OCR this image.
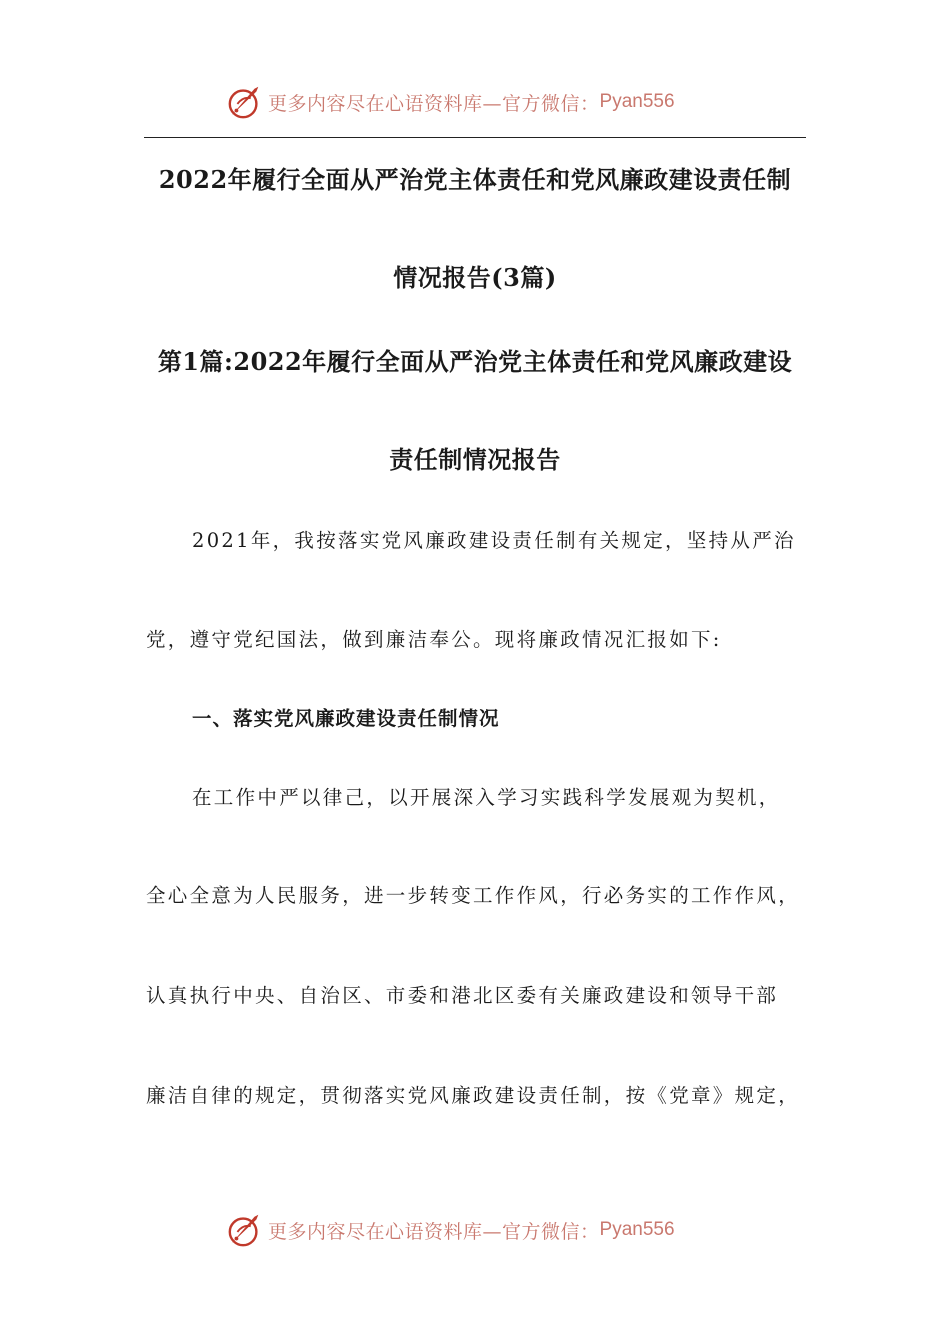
更多内容尽在心语资料库—官方微信： Pyan556
2022年履行全面从严治党主体责任和党风廉政建设责任制
情况报告(3篇)
第1篇:2022年履行全面从严治党主体责任和党风廉政建设
责任制情况报告
2021年，我按落实党风廉政建设责任制有关规定，坚持从严治
党，遵守党纪国法，做到廉洁奉公。现将廉政情况汇报如下:
一、落实党风廉政建设责任制情况
在工作中严以律己，以开展深入学习实践科学发展观为契机，
全心全意为人民服务，进一步转变工作作风，行必务实的工作作风，
认真执行中央、自治区、市委和港北区委有关廉政建设和领导干部
廉洁自律的规定，贯彻落实党风廉政建设责任制，按《党章》规定，
更多内容尽在心语资料库—官方微信： Pyan556
